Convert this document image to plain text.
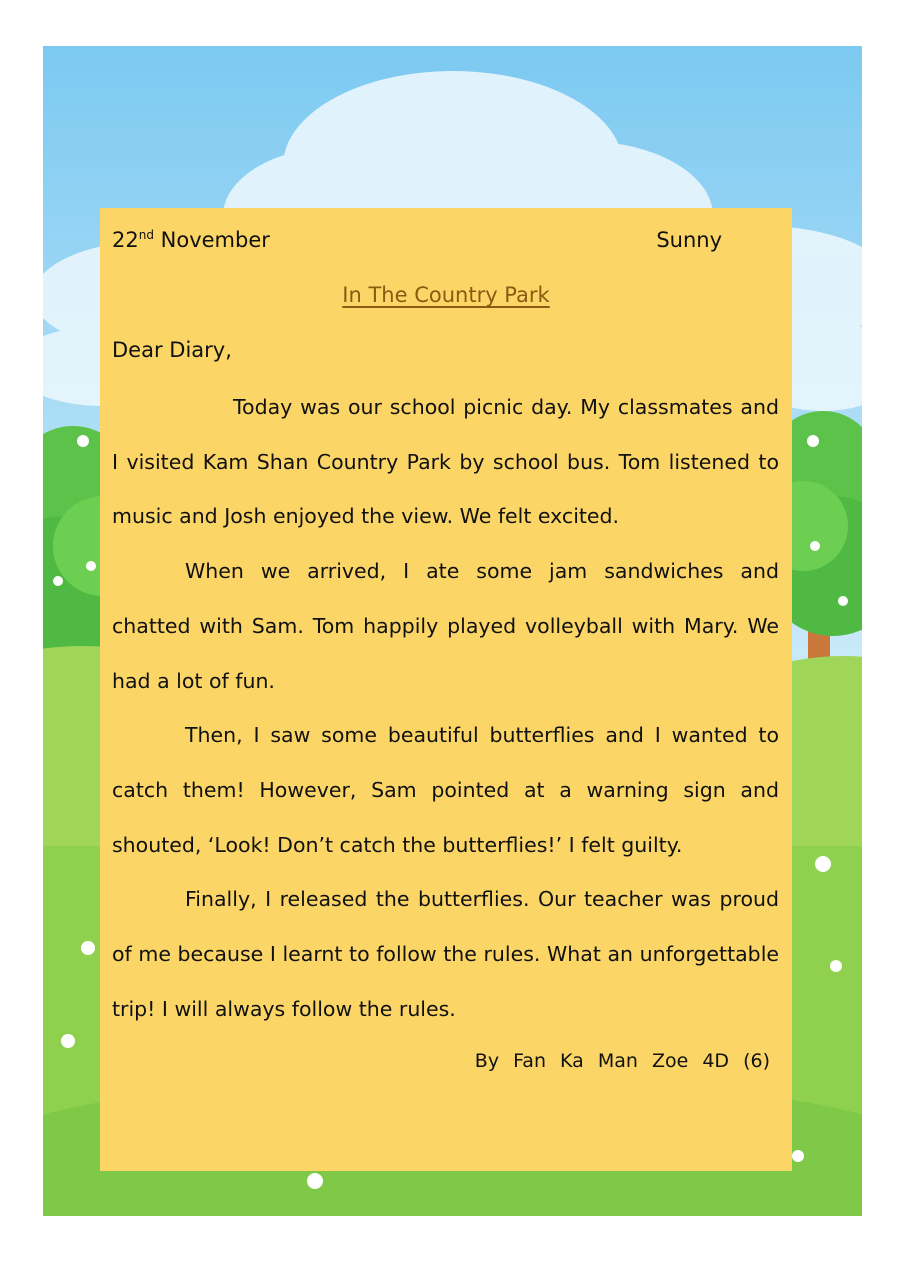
22nd November	Sunny
In The Country Park
Dear Diary,

Today was our school picnic day. My classmates and I visited Kam Shan Country Park by school bus. Tom listened to music and Josh enjoyed the view. We felt excited.

When we arrived, I ate some jam sandwiches and chatted with Sam. Tom happily played volleyball with Mary. We had a lot of fun.

Then, I saw some beautiful butterflies and I wanted to catch them! However, Sam pointed at a warning sign and shouted, ‘Look! Don’t catch the butterflies!’ I felt guilty.

Finally, I released the butterflies. Our teacher was proud of me because I learnt to follow the rules. What an unforgettable trip! I will always follow the rules.

By Fan Ka Man Zoe 4D (6)
